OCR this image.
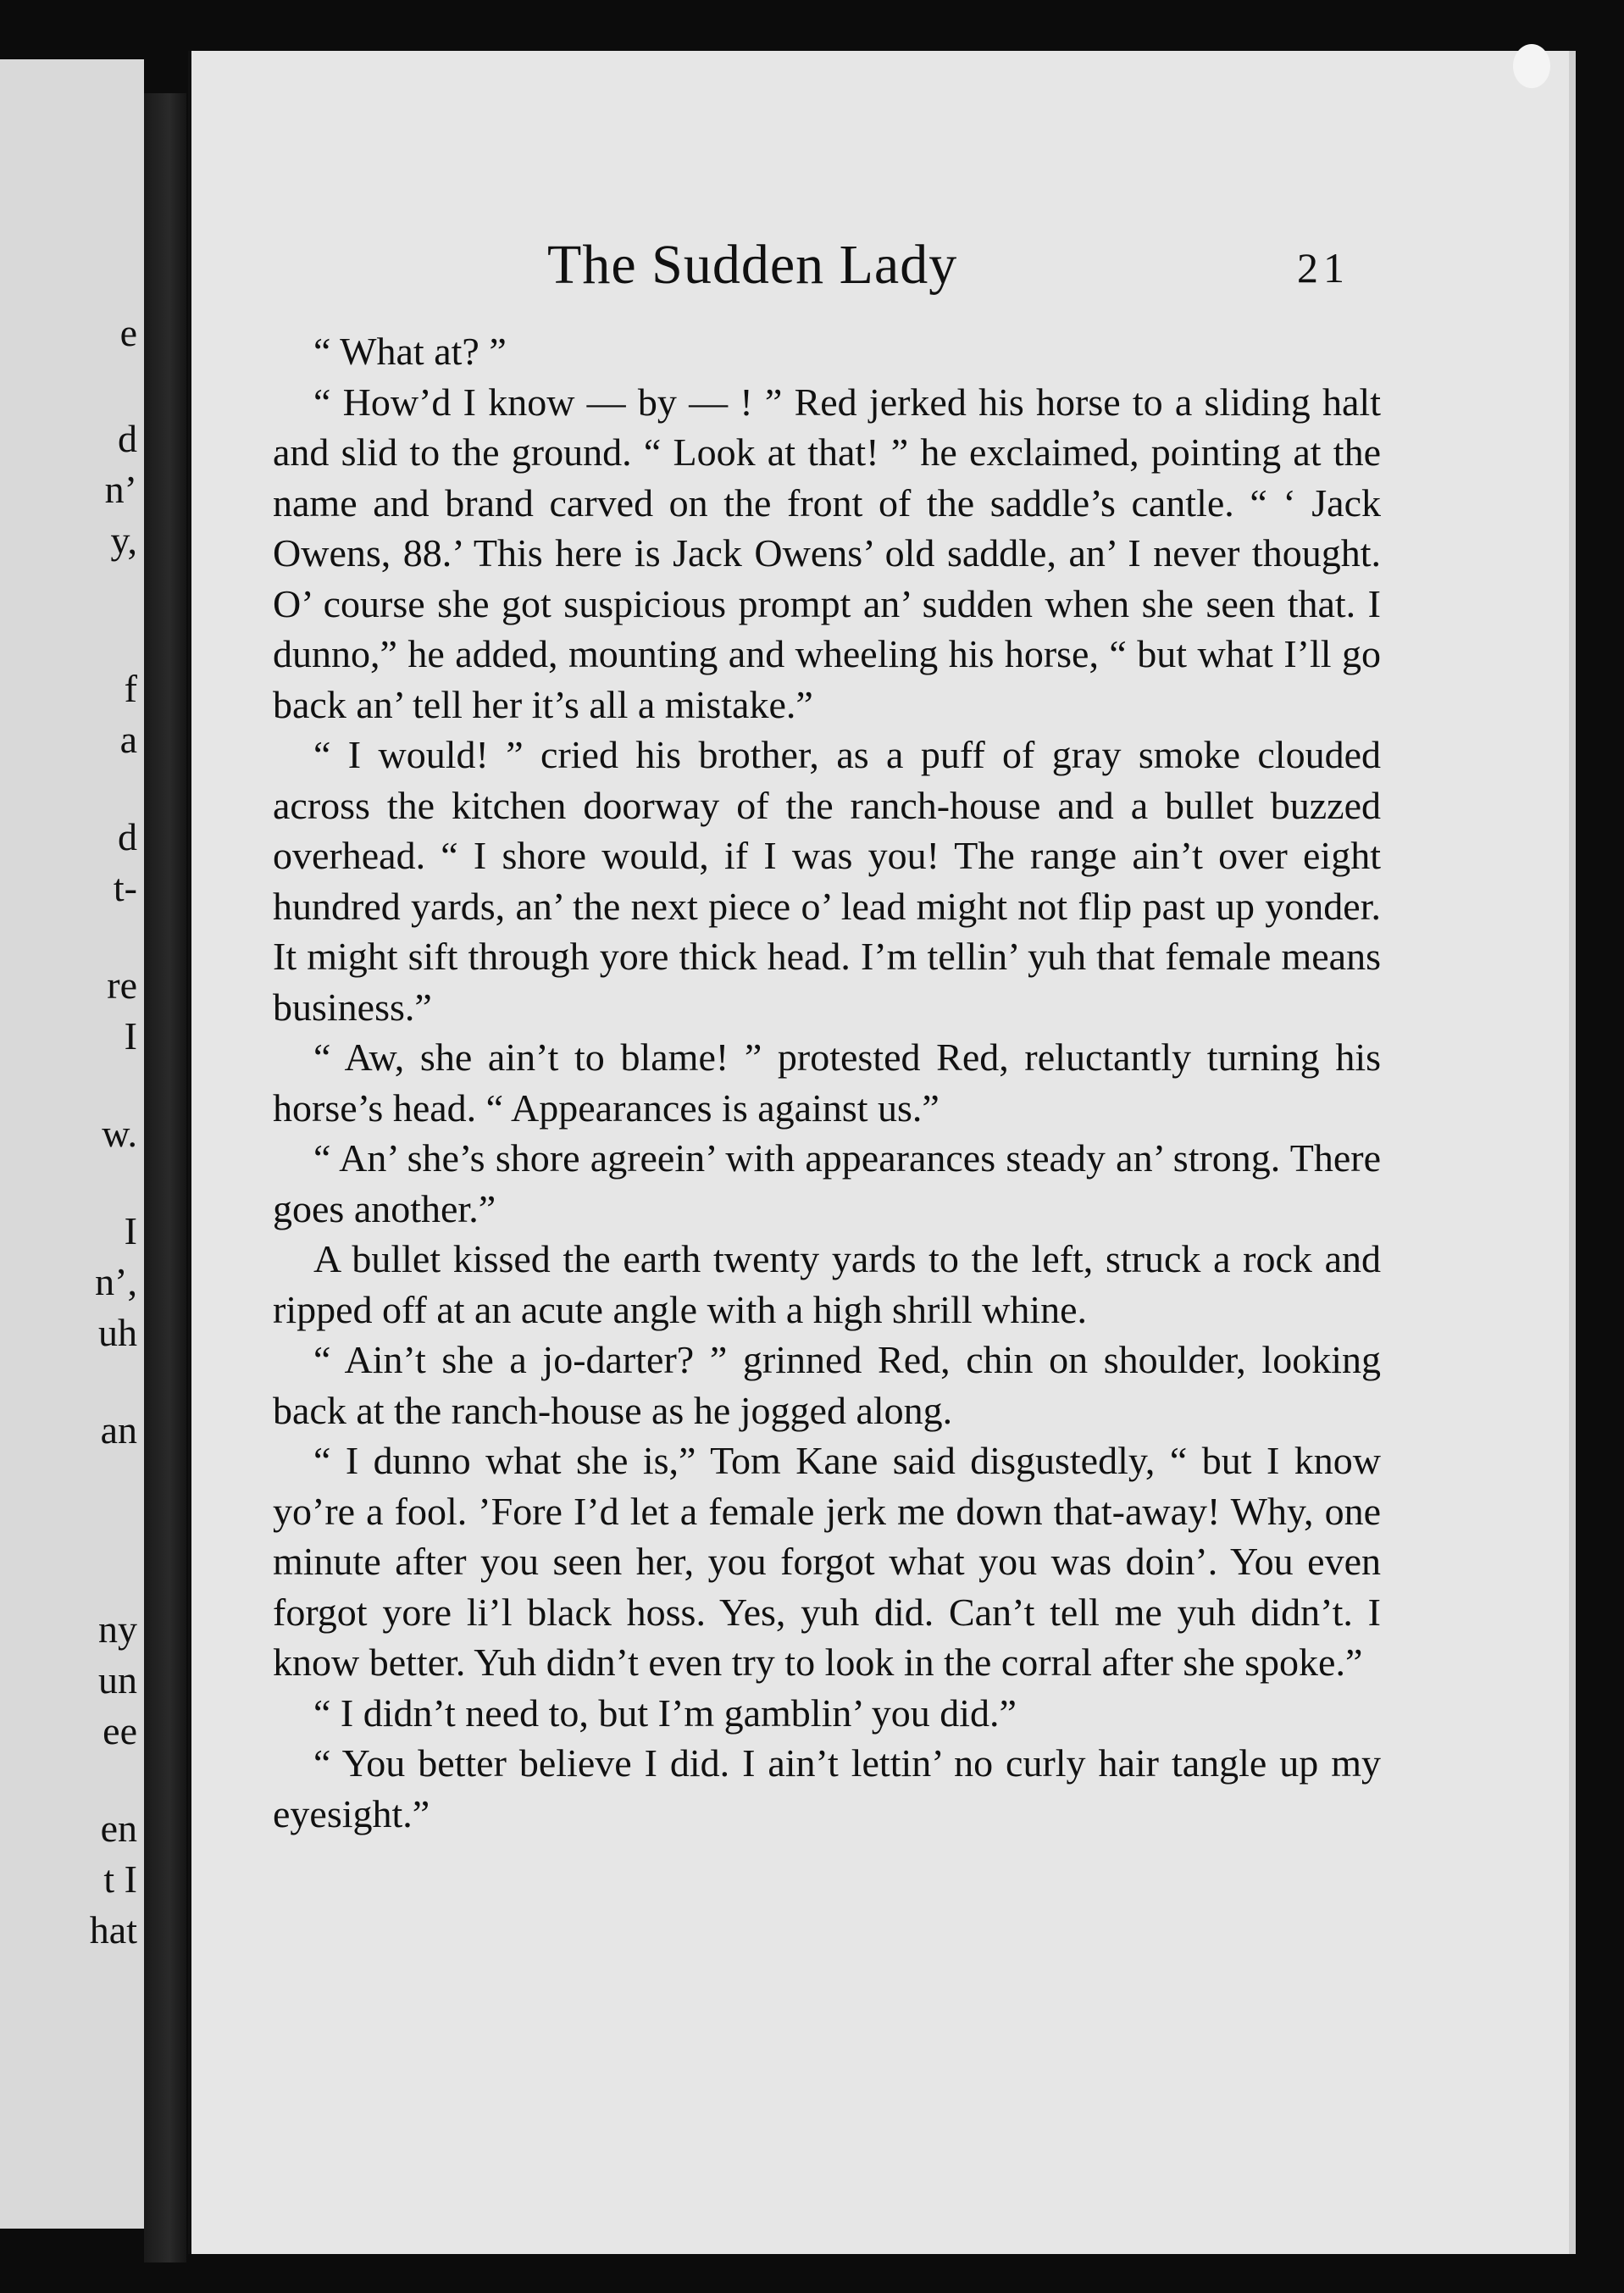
e
d
n’
y,
f
a
d
t-
re
I
w.
I
n’,
uh
an
ny
un
ee
en
t I
hat
The Sudden Lady	21

“ What at? ”

“ How’d I know — by — ! ” Red jerked his horse to a sliding halt and slid to the ground. “ Look at that! ” he exclaimed, pointing at the name and brand carved on the front of the saddle’s cantle. “ ‘ Jack Owens, 88.’ This here is Jack Owens’ old saddle, an’ I never thought. O’ course she got suspicious prompt an’ sudden when she seen that. I dunno,” he added, mounting and wheeling his horse, “ but what I’ll go back an’ tell her it’s all a mistake.”

“ I would! ” cried his brother, as a puff of gray smoke clouded across the kitchen doorway of the ranch-house and a bullet buzzed overhead. “ I shore would, if I was you! The range ain’t over eight hundred yards, an’ the next piece o’ lead might not flip past up yonder. It might sift through yore thick head. I’m tellin’ yuh that female means business.”

“ Aw, she ain’t to blame! ” protested Red, reluctantly turning his horse’s head. “ Appearances is against us.”

“ An’ she’s shore agreein’ with appearances steady an’ strong. There goes another.”

A bullet kissed the earth twenty yards to the left, struck a rock and ripped off at an acute angle with a high shrill whine.

“ Ain’t she a jo-darter? ” grinned Red, chin on shoulder, looking back at the ranch-house as he jogged along.

“ I dunno what she is,” Tom Kane said disgustedly, “ but I know yo’re a fool. ’Fore I’d let a female jerk me down that-away! Why, one minute after you seen her, you forgot what you was doin’. You even forgot yore li’l black hoss. Yes, yuh did. Can’t tell me yuh didn’t. I know better. Yuh didn’t even try to look in the corral after she spoke.”

“ I didn’t need to, but I’m gamblin’ you did.”

“ You better believe I did. I ain’t lettin’ no curly hair tangle up my eyesight.”
